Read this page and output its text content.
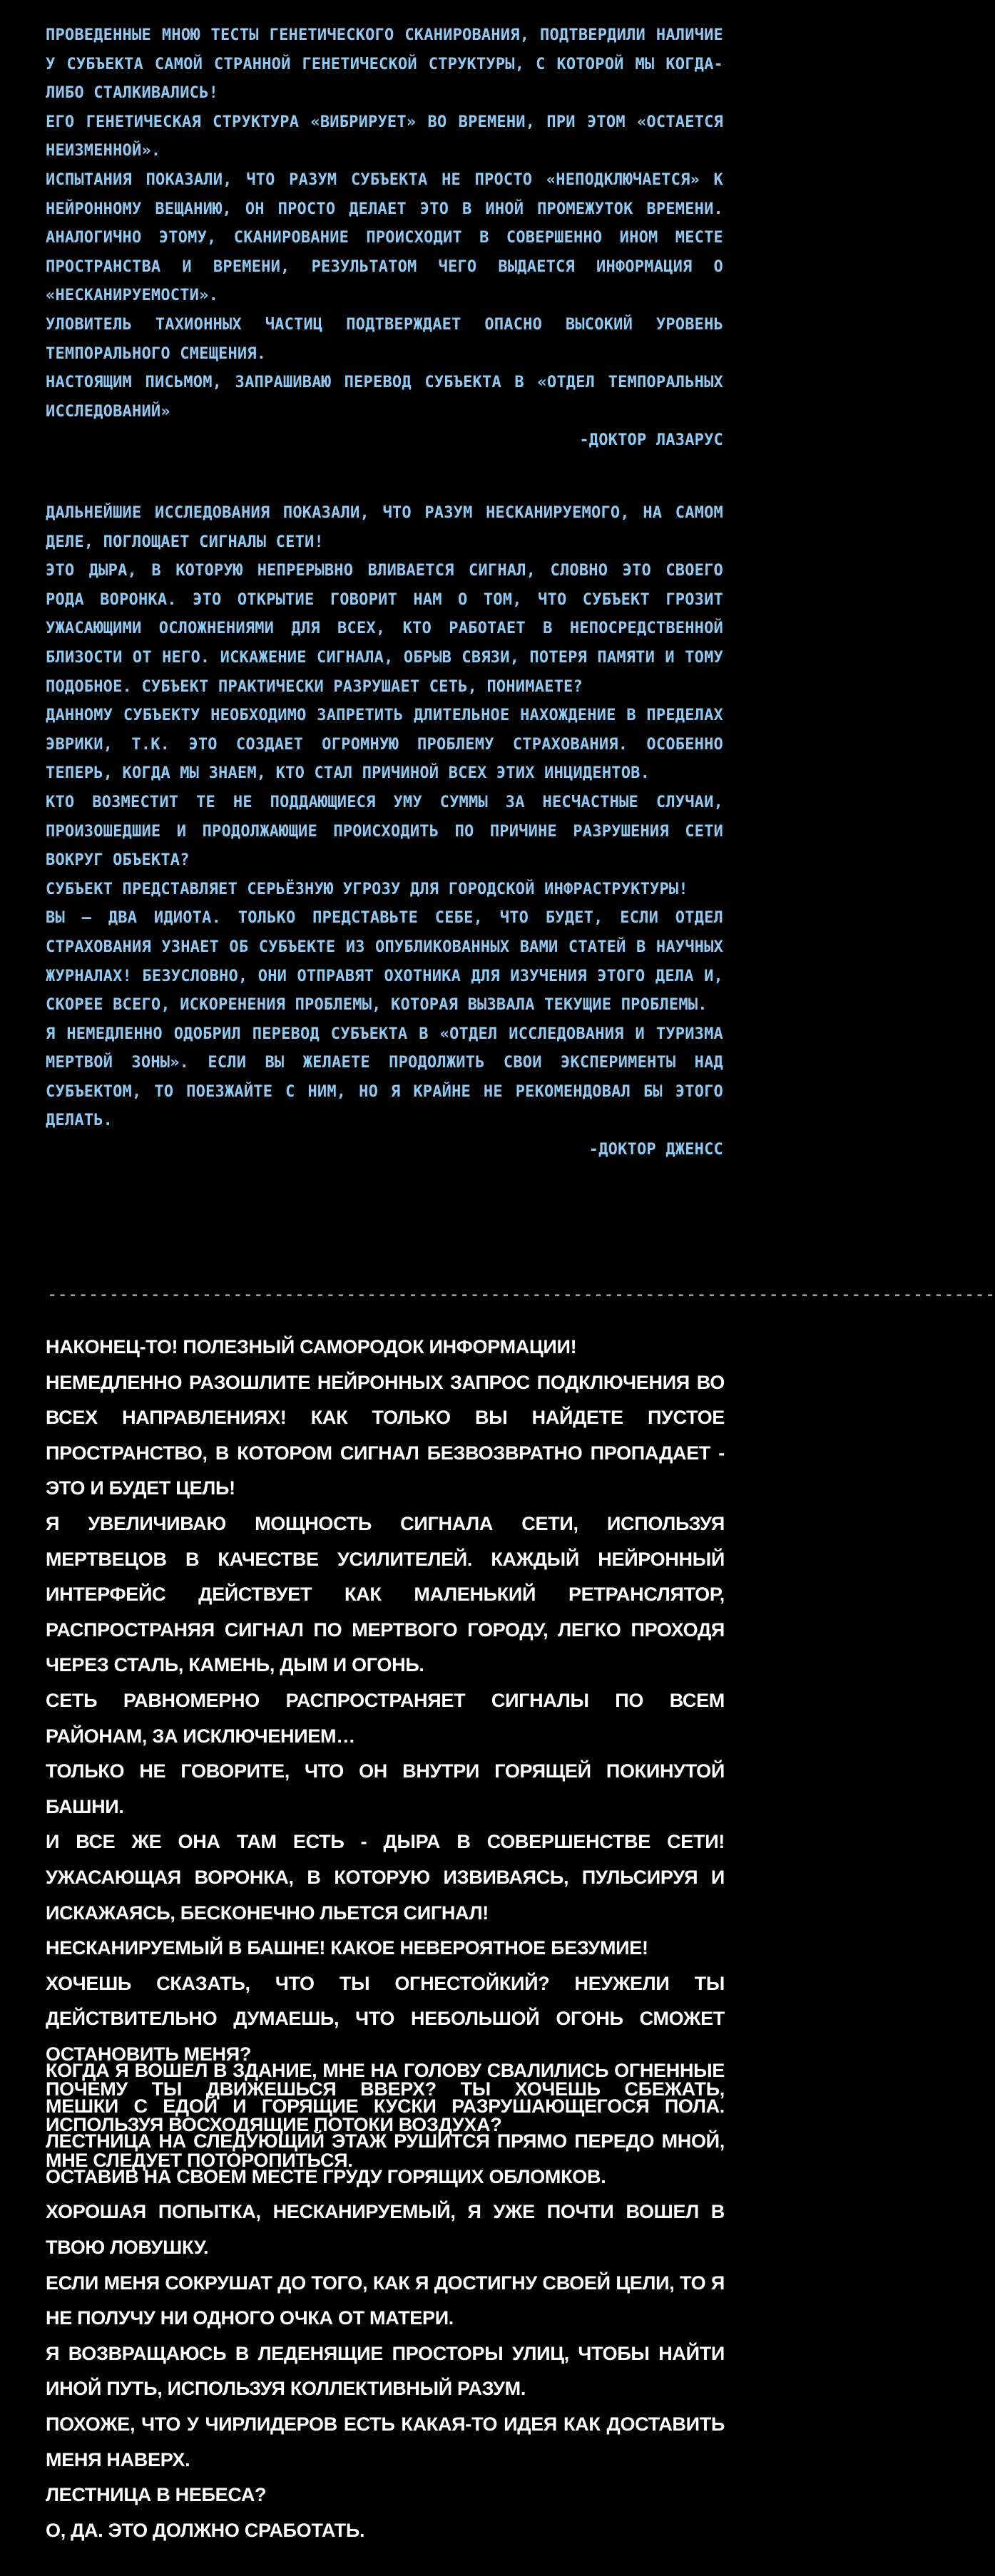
ПРОВЕДЕННЫЕ МНОЮ ТЕСТЫ ГЕНЕТИЧЕСКОГО СКАНИРОВАНИЯ, ПОДТВЕРДИЛИ НАЛИЧИЕ У СУБЪЕКТА САМОЙ СТРАННОЙ ГЕНЕТИЧЕСКОЙ СТРУКТУРЫ, С КОТОРОЙ МЫ КОГДА-ЛИБО СТАЛКИВАЛИСЬ!

ЕГО ГЕНЕТИЧЕСКАЯ СТРУКТУРА «ВИБРИРУЕТ» ВО ВРЕМЕНИ, ПРИ ЭТОМ «ОСТАЕТСЯ НЕИЗМЕННОЙ».

ИСПЫТАНИЯ ПОКАЗАЛИ, ЧТО РАЗУМ СУБЪЕКТА НЕ ПРОСТО «НЕПОДКЛЮЧАЕТСЯ» К НЕЙРОННОМУ ВЕЩАНИЮ, ОН ПРОСТО ДЕЛАЕТ ЭТО В ИНОЙ ПРОМЕЖУТОК ВРЕМЕНИ. АНАЛОГИЧНО ЭТОМУ, СКАНИРОВАНИЕ ПРОИСХОДИТ В СОВЕРШЕННО ИНОМ МЕСТЕ ПРОСТРАНСТВА И ВРЕМЕНИ, РЕЗУЛЬТАТОМ ЧЕГО ВЫДАЕТСЯ ИНФОРМАЦИЯ О «НЕСКАНИРУЕМОСТИ».

УЛОВИТЕЛЬ ТАХИОННЫХ ЧАСТИЦ ПОДТВЕРЖДАЕТ ОПАСНО ВЫСОКИЙ УРОВЕНЬ ТЕМПОРАЛЬНОГО СМЕЩЕНИЯ.

НАСТОЯЩИМ ПИСЬМОМ, ЗАПРАШИВАЮ ПЕРЕВОД СУБЪЕКТА В «ОТДЕЛ ТЕМПОРАЛЬНЫХ ИССЛЕДОВАНИЙ»

-ДОКТОР ЛАЗАРУС

ДАЛЬНЕЙШИЕ ИССЛЕДОВАНИЯ ПОКАЗАЛИ, ЧТО РАЗУМ НЕСКАНИРУЕМОГО, НА САМОМ ДЕЛЕ, ПОГЛОЩАЕТ СИГНАЛЫ СЕТИ!

ЭТО ДЫРА, В КОТОРУЮ НЕПРЕРЫВНО ВЛИВАЕТСЯ СИГНАЛ, СЛОВНО ЭТО СВОЕГО РОДА ВОРОНКА. ЭТО ОТКРЫТИЕ ГОВОРИТ НАМ О ТОМ, ЧТО СУБЪЕКТ ГРОЗИТ УЖАСАЮЩИМИ ОСЛОЖНЕНИЯМИ ДЛЯ ВСЕХ, КТО РАБОТАЕТ В НЕПОСРЕДСТВЕННОЙ БЛИЗОСТИ ОТ НЕГО. ИСКАЖЕНИЕ СИГНАЛА, ОБРЫВ СВЯЗИ, ПОТЕРЯ ПАМЯТИ И ТОМУ ПОДОБНОЕ. СУБЪЕКТ ПРАКТИЧЕСКИ РАЗРУШАЕТ СЕТЬ, ПОНИМАЕТЕ?

ДАННОМУ СУБЪЕКТУ НЕОБХОДИМО ЗАПРЕТИТЬ ДЛИТЕЛЬНОЕ НАХОЖДЕНИЕ В ПРЕДЕЛАХ ЭВРИКИ, Т.К. ЭТО СОЗДАЕТ ОГРОМНУЮ ПРОБЛЕМУ СТРАХОВАНИЯ. ОСОБЕННО ТЕПЕРЬ, КОГДА МЫ ЗНАЕМ, КТО СТАЛ ПРИЧИНОЙ ВСЕХ ЭТИХ ИНЦИДЕНТОВ.

КТО ВОЗМЕСТИТ ТЕ НЕ ПОДДАЮЩИЕСЯ УМУ СУММЫ ЗА НЕСЧАСТНЫЕ СЛУЧАИ, ПРОИЗОШЕДШИЕ И ПРОДОЛЖАЮЩИЕ ПРОИСХОДИТЬ ПО ПРИЧИНЕ РАЗРУШЕНИЯ СЕТИ ВОКРУГ ОБЪЕКТА?

СУБЪЕКТ ПРЕДСТАВЛЯЕТ СЕРЬЁЗНУЮ УГРОЗУ ДЛЯ ГОРОДСКОЙ ИНФРАСТРУКТУРЫ!

ВЫ – ДВА ИДИОТА. ТОЛЬКО ПРЕДСТАВЬТЕ СЕБЕ, ЧТО БУДЕТ, ЕСЛИ ОТДЕЛ СТРАХОВАНИЯ УЗНАЕТ ОБ СУБЪЕКТЕ ИЗ ОПУБЛИКОВАННЫХ ВАМИ СТАТЕЙ В НАУЧНЫХ ЖУРНАЛАХ! БЕЗУСЛОВНО, ОНИ ОТПРАВЯТ ОХОТНИКА ДЛЯ ИЗУЧЕНИЯ ЭТОГО ДЕЛА И, СКОРЕЕ ВСЕГО, ИСКОРЕНЕНИЯ ПРОБЛЕМЫ, КОТОРАЯ ВЫЗВАЛА ТЕКУЩИЕ ПРОБЛЕМЫ.

Я НЕМЕДЛЕННО ОДОБРИЛ ПЕРЕВОД СУБЪЕКТА В «ОТДЕЛ ИССЛЕДОВАНИЯ И ТУРИЗМА МЕРТВОЙ ЗОНЫ». ЕСЛИ ВЫ ЖЕЛАЕТЕ ПРОДОЛЖИТЬ СВОИ ЭКСПЕРИМЕНТЫ НАД СУБЪЕКТОМ, ТО ПОЕЗЖАЙТЕ С НИМ, НО Я КРАЙНЕ НЕ РЕКОМЕНДОВАЛ БЫ ЭТОГО ДЕЛАТЬ.

-ДОКТОР ДЖЕНСС

--------------------------------------------------------------------------------------------

НАКОНЕЦ-ТО! ПОЛЕЗНЫЙ САМОРОДОК ИНФОРМАЦИИ!

НЕМЕДЛЕННО РАЗОШЛИТЕ НЕЙРОННЫХ ЗАПРОС ПОДКЛЮЧЕНИЯ ВО ВСЕХ НАПРАВЛЕНИЯХ! КАК ТОЛЬКО ВЫ НАЙДЕТЕ ПУСТОЕ ПРОСТРАНСТВО, В КОТОРОМ СИГНАЛ БЕЗВОЗВРАТНО ПРОПАДАЕТ - ЭТО И БУДЕТ ЦЕЛЬ!

Я УВЕЛИЧИВАЮ МОЩНОСТЬ СИГНАЛА СЕТИ, ИСПОЛЬЗУЯ МЕРТВЕЦОВ В КАЧЕСТВЕ УСИЛИТЕЛЕЙ. КАЖДЫЙ НЕЙРОННЫЙ ИНТЕРФЕЙС ДЕЙСТВУЕТ КАК МАЛЕНЬКИЙ РЕТРАНСЛЯТОР, РАСПРОСТРАНЯЯ СИГНАЛ ПО МЕРТВОГО ГОРОДУ, ЛЕГКО ПРОХОДЯ ЧЕРЕЗ СТАЛЬ, КАМЕНЬ, ДЫМ И ОГОНЬ.

СЕТЬ РАВНОМЕРНО РАСПРОСТРАНЯЕТ СИГНАЛЫ ПО ВСЕМ РАЙОНАМ, ЗА ИСКЛЮЧЕНИЕМ…

ТОЛЬКО НЕ ГОВОРИТЕ, ЧТО ОН ВНУТРИ ГОРЯЩЕЙ ПОКИНУТОЙ БАШНИ.

И ВСЕ ЖЕ ОНА ТАМ ЕСТЬ - ДЫРА В СОВЕРШЕНСТВЕ СЕТИ! УЖАСАЮЩАЯ ВОРОНКА, В КОТОРУЮ ИЗВИВАЯСЬ, ПУЛЬСИРУЯ И ИСКАЖАЯСЬ, БЕСКОНЕЧНО ЛЬЕТСЯ СИГНАЛ!

НЕСКАНИРУЕМЫЙ В БАШНЕ! КАКОЕ НЕВЕРОЯТНОЕ БЕЗУМИЕ!

ХОЧЕШЬ СКАЗАТЬ, ЧТО ТЫ ОГНЕСТОЙКИЙ? НЕУЖЕЛИ ТЫ ДЕЙСТВИТЕЛЬНО ДУМАЕШЬ, ЧТО НЕБОЛЬШОЙ ОГОНЬ СМОЖЕТ ОСТАНОВИТЬ МЕНЯ?

ПОЧЕМУ ТЫ ДВИЖЕШЬСЯ ВВЕРХ? ТЫ ХОЧЕШЬ СБЕЖАТЬ, ИСПОЛЬЗУЯ ВОСХОДЯЩИЕ ПОТОКИ ВОЗДУХА?

МНЕ СЛЕДУЕТ ПОТОРОПИТЬСЯ.

КОГДА Я ВОШЕЛ В ЗДАНИЕ, МНЕ НА ГОЛОВУ СВАЛИЛИСЬ ОГНЕННЫЕ МЕШКИ С ЕДОЙ И ГОРЯЩИЕ КУСКИ РАЗРУШАЮЩЕГОСЯ ПОЛА. ЛЕСТНИЦА НА СЛЕДУЮЩИЙ ЭТАЖ РУШИТСЯ ПРЯМО ПЕРЕДО МНОЙ, ОСТАВИВ НА СВОЕМ МЕСТЕ ГРУДУ ГОРЯЩИХ ОБЛОМКОВ.

ХОРОШАЯ ПОПЫТКА, НЕСКАНИРУЕМЫЙ, Я УЖЕ ПОЧТИ ВОШЕЛ В ТВОЮ ЛОВУШКУ.

ЕСЛИ МЕНЯ СОКРУШАТ ДО ТОГО, КАК Я ДОСТИГНУ СВОЕЙ ЦЕЛИ, ТО Я НЕ ПОЛУЧУ НИ ОДНОГО ОЧКА ОТ МАТЕРИ.

Я ВОЗВРАЩАЮСЬ В ЛЕДЕНЯЩИЕ ПРОСТОРЫ УЛИЦ, ЧТОБЫ НАЙТИ ИНОЙ ПУТЬ, ИСПОЛЬЗУЯ КОЛЛЕКТИВНЫЙ РАЗУМ.

ПОХОЖЕ, ЧТО У ЧИРЛИДЕРОВ ЕСТЬ КАКАЯ-ТО ИДЕЯ КАК ДОСТАВИТЬ МЕНЯ НАВЕРХ.

ЛЕСТНИЦА В НЕБЕСА?

О, ДА. ЭТО ДОЛЖНО СРАБОТАТЬ.
